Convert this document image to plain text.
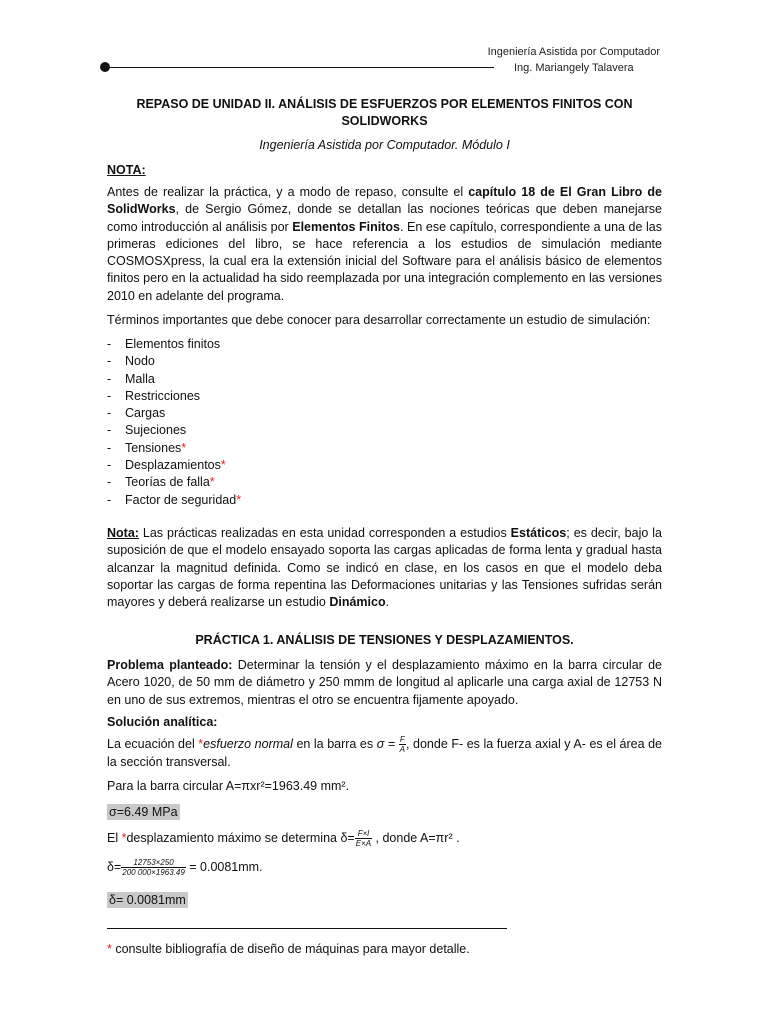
Ingeniería Asistida por Computador
Ing. Mariangely Talavera
REPASO DE UNIDAD II. ANÁLISIS DE ESFUERZOS POR ELEMENTOS FINITOS CON SOLIDWORKS
Ingeniería Asistida por Computador. Módulo I
NOTA:

Antes de realizar la práctica, y a modo de repaso, consulte el capítulo 18 de El Gran Libro de SolidWorks, de Sergio Gómez, donde se detallan las nociones teóricas que deben manejarse como introducción al análisis por Elementos Finitos. En ese capítulo, correspondiente a una de las primeras ediciones del libro, se hace referencia a los estudios de simulación mediante COSMOSXpress, la cual era la extensión inicial del Software para el análisis básico de elementos finitos pero en la actualidad ha sido reemplazada por una integración complemento en las versiones 2010 en adelante del programa.

Términos importantes que debe conocer para desarrollar correctamente un estudio de simulación:

- Elementos finitos
- Nodo
- Malla
- Restricciones
- Cargas
- Sujeciones
- Tensiones*
- Desplazamientos*
- Teorías de falla*
- Factor de seguridad*

Nota: Las prácticas realizadas en esta unidad corresponden a estudios Estáticos; es decir, bajo la suposición de que el modelo ensayado soporta las cargas aplicadas de forma lenta y gradual hasta alcanzar la magnitud definida. Como se indicó en clase, en los casos en que el modelo deba soportar las cargas de forma repentina las Deformaciones unitarias y las Tensiones sufridas serán mayores y deberá realizarse un estudio Dinámico.

PRÁCTICA 1. ANÁLISIS DE TENSIONES Y DESPLAZAMIENTOS.

Problema planteado: Determinar la tensión y el desplazamiento máximo en la barra circular de Acero 1020, de 50 mm de diámetro y 250 mmm de longitud al aplicarle una carga axial de 12753 N en uno de sus extremos, mientras el otro se encuentra fijamente apoyado.

Solución analítica:

La ecuación del *esfuerzo normal en la barra es $\sigma = \frac{F}{A}$ , donde F- es la fuerza axial y A- es el área de la sección transversal.

Para la barra circular A=πxr²=1963.49 mm².
σ=6.49 MPa
El *desplazamiento máximo se determina $\delta= \frac{F\times l}{E\times A}$ , donde A=πr² .
$\delta= \frac{12753\times 250}{200 000\times 1963.49} = 0.0081mm$.
δ= 0.0081mm
* consulte bibliografía de diseño de máquinas para mayor detalle.
